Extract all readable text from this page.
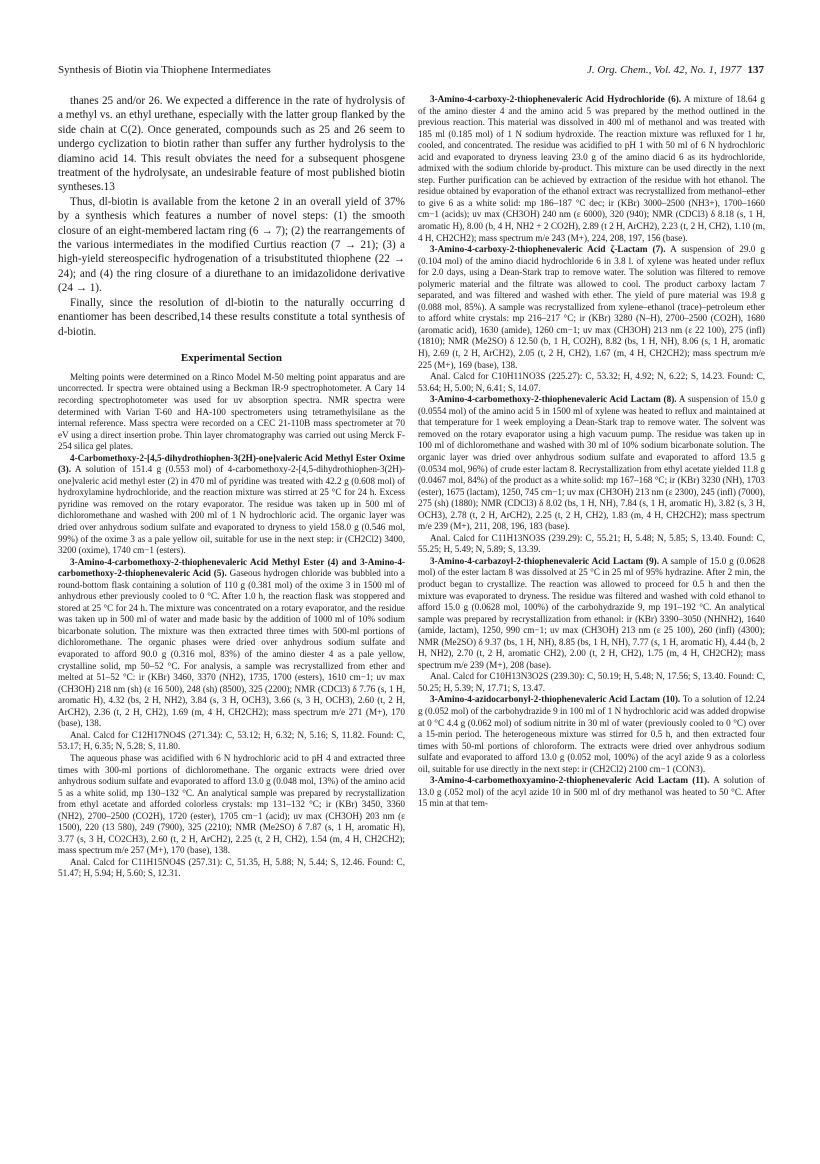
Synthesis of Biotin via Thiophene Intermediates	J. Org. Chem., Vol. 42, No. 1, 1977 137

thanes 25 and/or 26. We expected a difference in the rate of hydrolysis of a methyl vs. an ethyl urethane, especially with the latter group flanked by the side chain at C(2). Once generated, compounds such as 25 and 26 seem to undergo cyclization to biotin rather than suffer any further hydrolysis to the diamino acid 14. This result obviates the need for a subsequent phosgene treatment of the hydrolysate, an undesirable feature of most published biotin syntheses.13

Thus, dl-biotin is available from the ketone 2 in an overall yield of 37% by a synthesis which features a number of novel steps: (1) the smooth closure of an eight-membered lactam ring (6 → 7); (2) the rearrangements of the various intermediates in the modified Curtius reaction (7 → 21); (3) a high-yield stereospecific hydrogenation of a trisubstituted thiophene (22 → 24); and (4) the ring closure of a diurethane to an imidazolidone derivative (24 → 1).

Finally, since the resolution of dl-biotin to the naturally occurring d enantiomer has been described,14 these results constitute a total synthesis of d-biotin.

Experimental Section

Melting points were determined on a Rinco Model M-50 melting point apparatus and are uncorrected. Ir spectra were obtained using a Beckman IR-9 spectrophotometer. A Cary 14 recording spectrophotometer was used for uv absorption spectra. NMR spectra were determined with Varian T-60 and HA-100 spectrometers using tetramethylsilane as the internal reference. Mass spectra were recorded on a CEC 21-110B mass spectrometer at 70 eV using a direct insertion probe. Thin layer chromatography was carried out using Merck F-254 silica gel plates.

4-Carbomethoxy-2-[4,5-dihydrothiophen-3(2H)-one]valeric Acid Methyl Ester Oxime (3). A solution of 151.4 g (0.553 mol) of 4-carbomethoxy-2-[4,5-dihydrothiophen-3(2H)-one]valeric acid methyl ester (2) in 470 ml of pyridine was treated with 42.2 g (0.608 mol) of hydroxylamine hydrochloride, and the reaction mixture was stirred at 25 °C for 24 h. Excess pyridine was removed on the rotary evaporator. The residue was taken up in 500 ml of dichloromethane and washed with 200 ml of 1 N hydrochloric acid. The organic layer was dried over anhydrous sodium sulfate and evaporated to dryness to yield 158.0 g (0.546 mol, 99%) of the oxime 3 as a pale yellow oil, suitable for use in the next step: ir (CH2Cl2) 3400, 3200 (oxime), 1740 cm−1 (esters).

3-Amino-4-carbomethoxy-2-thiophenevaleric Acid Methyl Ester (4) and 3-Amino-4-carbomethoxy-2-thiophenevaleric Acid (5). Gaseous hydrogen chloride was bubbled into a round-bottom flask containing a solution of 110 g (0.381 mol) of the oxime 3 in 1500 ml of anhydrous ether previously cooled to 0 °C. After 1.0 h, the reaction flask was stoppered and stored at 25 °C for 24 h. The mixture was concentrated on a rotary evaporator, and the residue was taken up in 500 ml of water and made basic by the addition of 1000 ml of 10% sodium bicarbonate solution. The mixture was then extracted three times with 500-ml portions of dichloromethane. The organic phases were dried over anhydrous sodium sulfate and evaporated to afford 90.0 g (0.316 mol, 83%) of the amino diester 4 as a pale yellow, crystalline solid, mp 50–52 °C. For analysis, a sample was recrystallized from ether and melted at 51–52 °C: ir (KBr) 3460, 3370 (NH2), 1735, 1700 (esters), 1610 cm−1; uv max (CH3OH) 218 nm (sh) (ε 16 500), 248 (sh) (8500), 325 (2200); NMR (CDCl3) δ 7.76 (s, 1 H, aromatic H), 4.32 (bs, 2 H, NH2), 3.84 (s, 3 H, OCH3), 3.66 (s, 3 H, OCH3), 2.60 (t, 2 H, ArCH2), 2.36 (t, 2 H, CH2), 1.69 (m, 4 H, CH2CH2); mass spectrum m/e 271 (M+), 170 (base), 138.

Anal. Calcd for C12H17NO4S (271.34): C, 53.12; H, 6.32; N, 5.16; S, 11.82. Found: C, 53.17; H, 6.35; N, 5.28; S, 11.80.

The aqueous phase was acidified with 6 N hydrochloric acid to pH 4 and extracted three times with 300-ml portions of dichloromethane. The organic extracts were dried over anhydrous sodium sulfate and evaporated to afford 13.0 g (0.048 mol, 13%) of the amino acid 5 as a white solid, mp 130–132 °C. An analytical sample was prepared by recrystallization from ethyl acetate and afforded colorless crystals: mp 131–132 °C; ir (KBr) 3450, 3360 (NH2), 2700–2500 (CO2H), 1720 (ester), 1705 cm−1 (acid); uv max (CH3OH) 203 nm (ε 1500), 220 (13 580), 249 (7900), 325 (2210); NMR (Me2SO) δ 7.87 (s, 1 H, aromatic H), 3.77 (s, 3 H, CO2CH3), 2.60 (t, 2 H, ArCH2), 2.25 (t, 2 H, CH2), 1.54 (m, 4 H, CH2CH2); mass spectrum m/e 257 (M+), 170 (base), 138.

Anal. Calcd for C11H15NO4S (257.31): C, 51.35, H, 5.88; N, 5.44; S, 12.46. Found: C, 51.47; H, 5.94; H, 5.60; S, 12.31.

3-Amino-4-carboxy-2-thiophenevaleric Acid Hydrochloride (6). A mixture of 18.64 g of the amino diester 4 and the amino acid 5 was prepared by the method outlined in the previous reaction. This material was dissolved in 400 ml of methanol and was treated with 185 ml (0.185 mol) of 1 N sodium hydroxide. The reaction mixture was refluxed for 1 hr, cooled, and concentrated. The residue was acidified to pH 1 with 50 ml of 6 N hydrochloric acid and evaporated to dryness leaving 23.0 g of the amino diacid 6 as its hydrochloride, admixed with the sodium chloride by-product. This mixture can be used directly in the next step. Further purification can be achieved by extraction of the residue with hot ethanol. The residue obtained by evaporation of the ethanol extract was recrystallized from methanol–ether to give 6 as a white solid: mp 186–187 °C dec; ir (KBr) 3000–2500 (NH3+), 1700–1660 cm−1 (acids); uv max (CH3OH) 240 nm (ε 6000), 320 (940); NMR (CDCl3) δ 8.18 (s, 1 H, aromatic H), 8.00 (b, 4 H, NH2 + 2 CO2H), 2.89 (t 2 H, ArCH2), 2.23 (t, 2 H, CH2), 1.10 (m, 4 H, CH2CH2); mass spectrum m/e 243 (M+), 224, 208, 197, 156 (base).

3-Amino-4-carboxy-2-thiophenevaleric Acid ζ-Lactam (7). A suspension of 29.0 g (0.104 mol) of the amino diacid hydrochloride 6 in 3.8 l. of xylene was heated under reflux for 2.0 days, using a Dean-Stark trap to remove water. The solution was filtered to remove polymeric material and the filtrate was allowed to cool. The product carboxy lactam 7 separated, and was filtered and washed with ether. The yield of pure material was 19.8 g (0.088 mol, 85%). A sample was recrystallized from xylene–ethanol (trace)–petroleum ether to afford white crystals: mp 216–217 °C; ir (KBr) 3280 (N–H), 2700–2500 (CO2H), 1680 (aromatic acid), 1630 (amide), 1260 cm−1; uv max (CH3OH) 213 nm (ε 22 100), 275 (infl) (1810); NMR (Me2SO) δ 12.50 (b, 1 H, CO2H), 8.82 (bs, 1 H, NH), 8.06 (s, 1 H, aromatic H), 2.69 (t, 2 H, ArCH2), 2.05 (t, 2 H, CH2), 1.67 (m, 4 H, CH2CH2); mass spectrum m/e 225 (M+), 169 (base), 138.

Anal. Calcd for C10H11NO3S (225.27): C, 53.32; H, 4.92; N, 6.22; S, 14.23. Found: C, 53.64; H, 5.00; N, 6.41; S, 14.07.

3-Amino-4-carbomethoxy-2-thiophenevaleric Acid Lactam (8). A suspension of 15.0 g (0.0554 mol) of the amino acid 5 in 1500 ml of xylene was heated to reflux and maintained at that temperature for 1 week employing a Dean-Stark trap to remove water. The solvent was removed on the rotary evaporator using a high vacuum pump. The residue was taken up in 100 ml of dichloromethane and washed with 30 ml of 10% sodium bicarbonate solution. The organic layer was dried over anhydrous sodium sulfate and evaporated to afford 13.5 g (0.0534 mol, 96%) of crude ester lactam 8. Recrystallization from ethyl acetate yielded 11.8 g (0.0467 mol, 84%) of the product as a white solid: mp 167–168 °C; ir (KBr) 3230 (NH), 1703 (ester), 1675 (lactam), 1250, 745 cm−1; uv max (CH3OH) 213 nm (ε 2300), 245 (infl) (7000), 275 (sh) (1880); NMR (CDCl3) δ 8.02 (bs, 1 H, NH), 7.84 (s, 1 H, aromatic H), 3.82 (s, 3 H, OCH3), 2.78 (t, 2 H, ArCH2), 2.25 (t, 2 H, CH2), 1.83 (m, 4 H, CH2CH2); mass spectrum m/e 239 (M+), 211, 208, 196, 183 (base).

Anal. Calcd for C11H13NO3S (239.29): C, 55.21; H, 5.48; N, 5.85; S, 13.40. Found: C, 55.25; H, 5.49; N, 5.89; S, 13.39.

3-Amino-4-carbazoyl-2-thiophenevaleric Acid Lactam (9). A sample of 15.0 g (0.0628 mol) of the ester lactam 8 was dissolved at 25 °C in 25 ml of 95% hydrazine. After 2 min, the product began to crystallize. The reaction was allowed to proceed for 0.5 h and then the mixture was evaporated to dryness. The residue was filtered and washed with cold ethanol to afford 15.0 g (0.0628 mol, 100%) of the carbohydrazide 9, mp 191–192 °C. An analytical sample was prepared by recrystallization from ethanol: ir (KBr) 3390–3050 (NHNH2), 1640 (amide, lactam), 1250, 990 cm−1; uv max (CH3OH) 213 nm (ε 25 100), 260 (infl) (4300); NMR (Me2SO) δ 9.37 (bs, 1 H, NH), 8.85 (bs, 1 H, NH), 7.77 (s, 1 H, aromatic H), 4.44 (b, 2 H, NH2), 2.70 (t, 2 H, aromatic CH2), 2.00 (t, 2 H, CH2), 1.75 (m, 4 H, CH2CH2); mass spectrum m/e 239 (M+), 208 (base).

Anal. Calcd for C10H13N3O2S (239.30): C, 50.19; H, 5.48; N, 17.56; S, 13.40. Found: C, 50.25; H, 5.39; N, 17.71; S, 13.47.

3-Amino-4-azidocarbonyl-2-thiophenevaleric Acid Lactam (10). To a solution of 12.24 g (0.052 mol) of the carbohydrazide 9 in 100 ml of 1 N hydrochloric acid was added dropwise at 0 °C 4.4 g (0.062 mol) of sodium nitrite in 30 ml of water (previously cooled to 0 °C) over a 15-min period. The heterogeneous mixture was stirred for 0.5 h, and then extracted four times with 50-ml portions of chloroform. The extracts were dried over anhydrous sodium sulfate and evaporated to afford 13.0 g (0.052 mol, 100%) of the acyl azide 9 as a colorless oil, suitable for use directly in the next step: ir (CH2Cl2) 2100 cm−1 (CON3).

3-Amino-4-carbomethoxyamino-2-thiophenevaleric Acid Lactam (11). A solution of 13.0 g (.052 mol) of the acyl azide 10 in 500 ml of dry methanol was heated to 50 °C. After 15 min at that tem-
